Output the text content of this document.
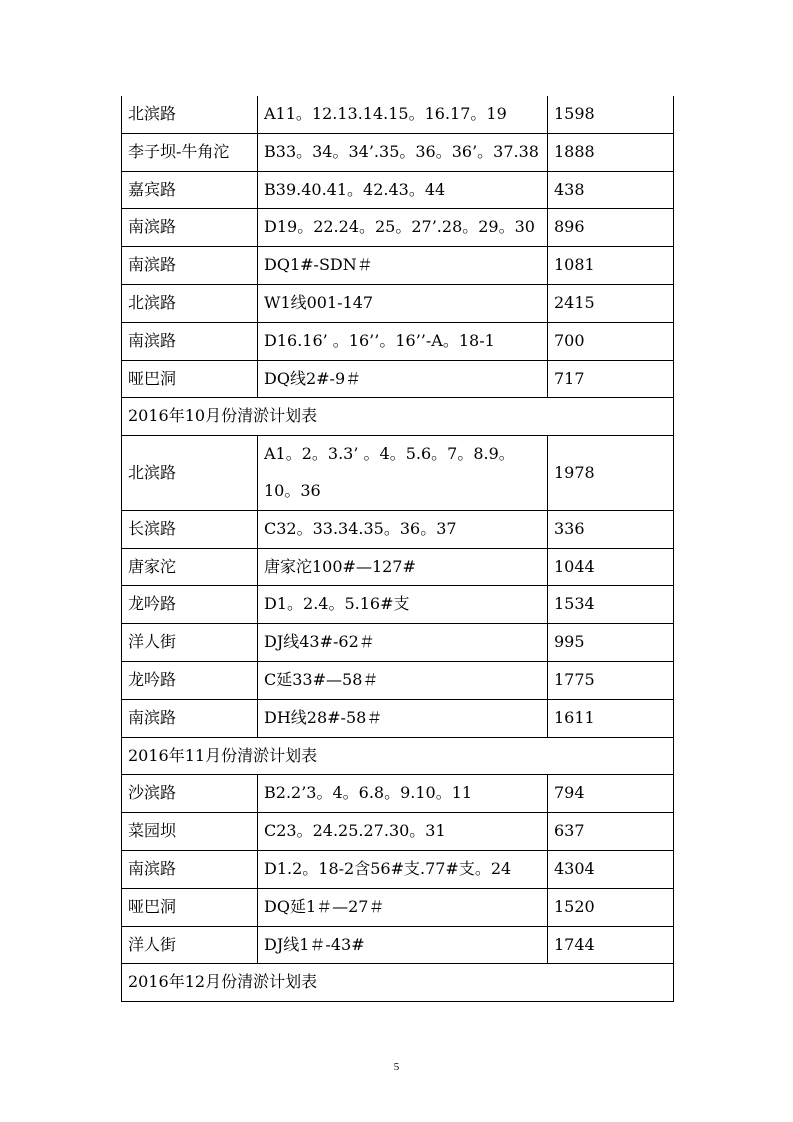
北滨路	A11。12.13.14.15。16.17。19	1598
李子坝-牛角沱	B33。34。34’.35。36。36’。37.38	1888
嘉宾路	B39.40.41。42.43。44	438
南滨路	D19。22.24。25。27’.28。29。30	896
南滨路	DQ1#-SDN＃	1081
北滨路	W1线001-147	2415
南滨路	D16.16’ 。16’’。16’’-A。18-1	700
哑巴洞	DQ线2#-9＃	717
2016年10月份清淤计划表		
北滨路	A1。2。3.3’ 。4。5.6。7。8.9。10。36	1978
长滨路	C32。33.34.35。36。37	336
唐家沱	唐家沱100#—127#	1044
龙吟路	D1。2.4。5.16#支	1534
洋人街	DJ线43#-62＃	995
龙吟路	C延33#—58＃	1775
南滨路	DH线28#-58＃	1611
2016年11月份清淤计划表		
沙滨路	B2.2’3。4。6.8。9.10。11	794
菜园坝	C23。24.25.27.30。31	637
南滨路	D1.2。18-2含56#支.77#支。24	4304
哑巴洞	DQ延1＃—27＃	1520
洋人街	DJ线1＃-43#	1744
2016年12月份清淤计划表		
5
